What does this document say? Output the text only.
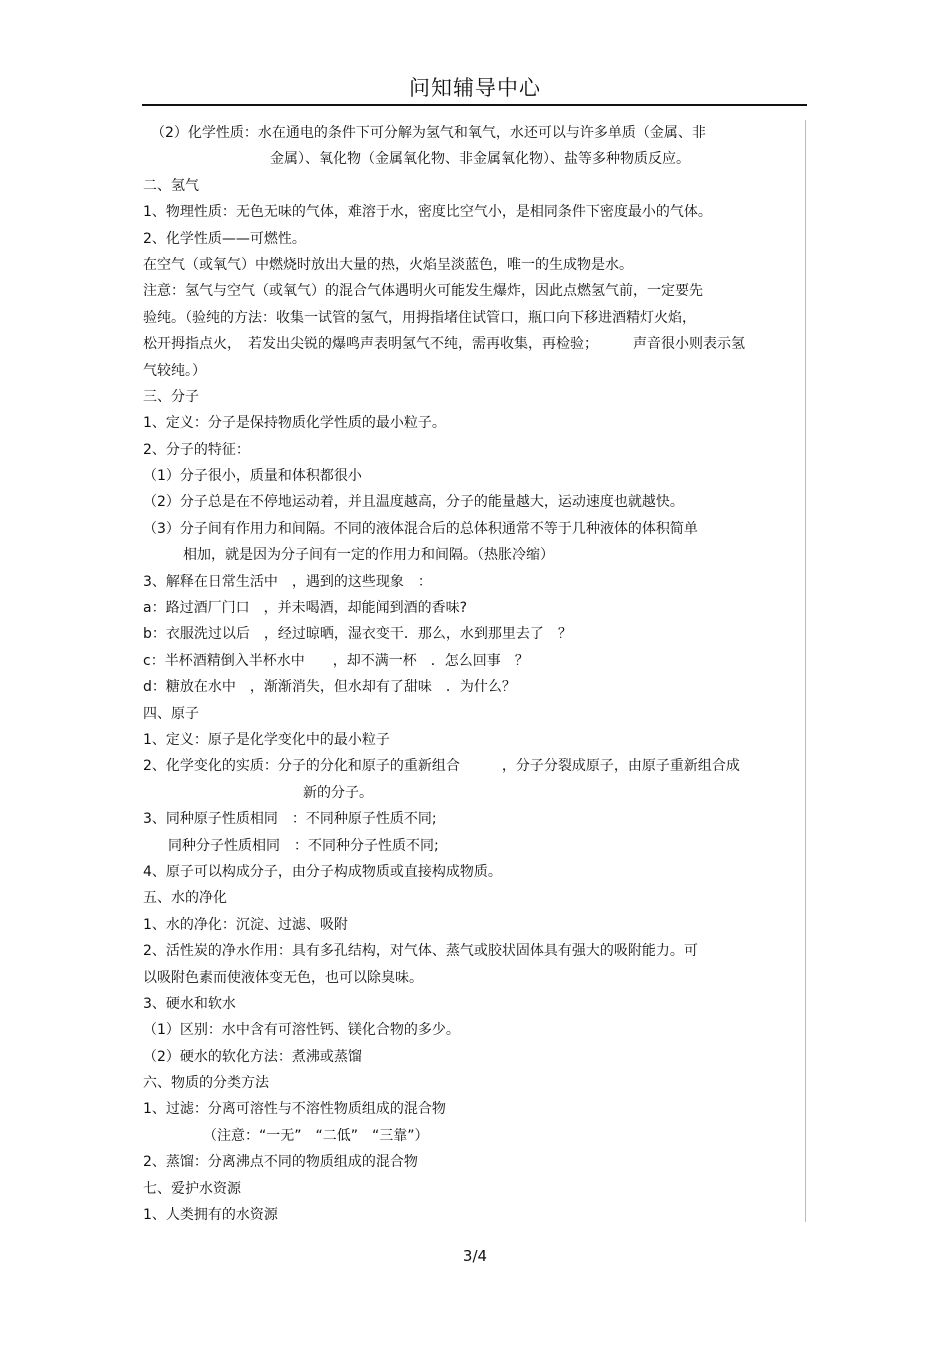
问知辅导中心
（2）化学性质：水在通电的条件下可分解为氢气和氧气，水还可以与许多单质（金属、非
金属）、氧化物（金属氧化物、非金属氧化物）、盐等多种物质反应。
二、氢气
1、物理性质：无色无味的气体，难溶于水，密度比空气小，是相同条件下密度最小的气体。
2、化学性质——可燃性。
在空气（或氧气）中燃烧时放出大量的热，火焰呈淡蓝色，唯一的生成物是水。
注意：氢气与空气（或氧气）的混合气体遇明火可能发生爆炸，因此点燃氢气前，一定要先
验纯。（验纯的方法：收集一试管的氢气，用拇指堵住试管口，瓶口向下移进酒精灯火焰，
松开拇指点火，　若发出尖锐的爆鸣声表明氢气不纯，需再收集，再检验；　　　声音很小则表示氢
气较纯。）
三、分子
1、定义：分子是保持物质化学性质的最小粒子。
2、分子的特征：
（1）分子很小，质量和体积都很小
（2）分子总是在不停地运动着，并且温度越高，分子的能量越大，运动速度也就越快。
（3）分子间有作用力和间隔。不同的液体混合后的总体积通常不等于几种液体的体积简单
相加，就是因为分子间有一定的作用力和间隔。（热胀冷缩）
3、解释在日常生活中　，遇到的这些现象　：
a：路过酒厂门口　，并未喝酒，却能闻到酒的香味?
b：衣服洗过以后　，经过晾晒，湿衣变干．那么，水到那里去了　？
c：半杯酒精倒入半杯水中　　，却不满一杯　．怎么回事　？
d：糖放在水中　，渐渐消失，但水却有了甜味　．为什么？
四、原子
1、定义：原子是化学变化中的最小粒子
2、化学变化的实质：分子的分化和原子的重新组合　　　，分子分裂成原子，由原子重新组合成
新的分子。
3、同种原子性质相同　：不同种原子性质不同;
同种分子性质相同　：不同种分子性质不同;
4、原子可以构成分子，由分子构成物质或直接构成物质。
五、水的净化
1、水的净化：沉淀、过滤、吸附
2、活性炭的净水作用：具有多孔结构，对气体、蒸气或胶状固体具有强大的吸附能力。可
以吸附色素而使液体变无色，也可以除臭味。
3、硬水和软水
（1）区别：水中含有可溶性钙、镁化合物的多少。
（2）硬水的软化方法：煮沸或蒸馏
六、物质的分类方法
1、过滤：分离可溶性与不溶性物质组成的混合物
（注意：“一无”　“二低”　“三靠”）
2、蒸馏：分离沸点不同的物质组成的混合物
七、爱护水资源
1、人类拥有的水资源
3/4
